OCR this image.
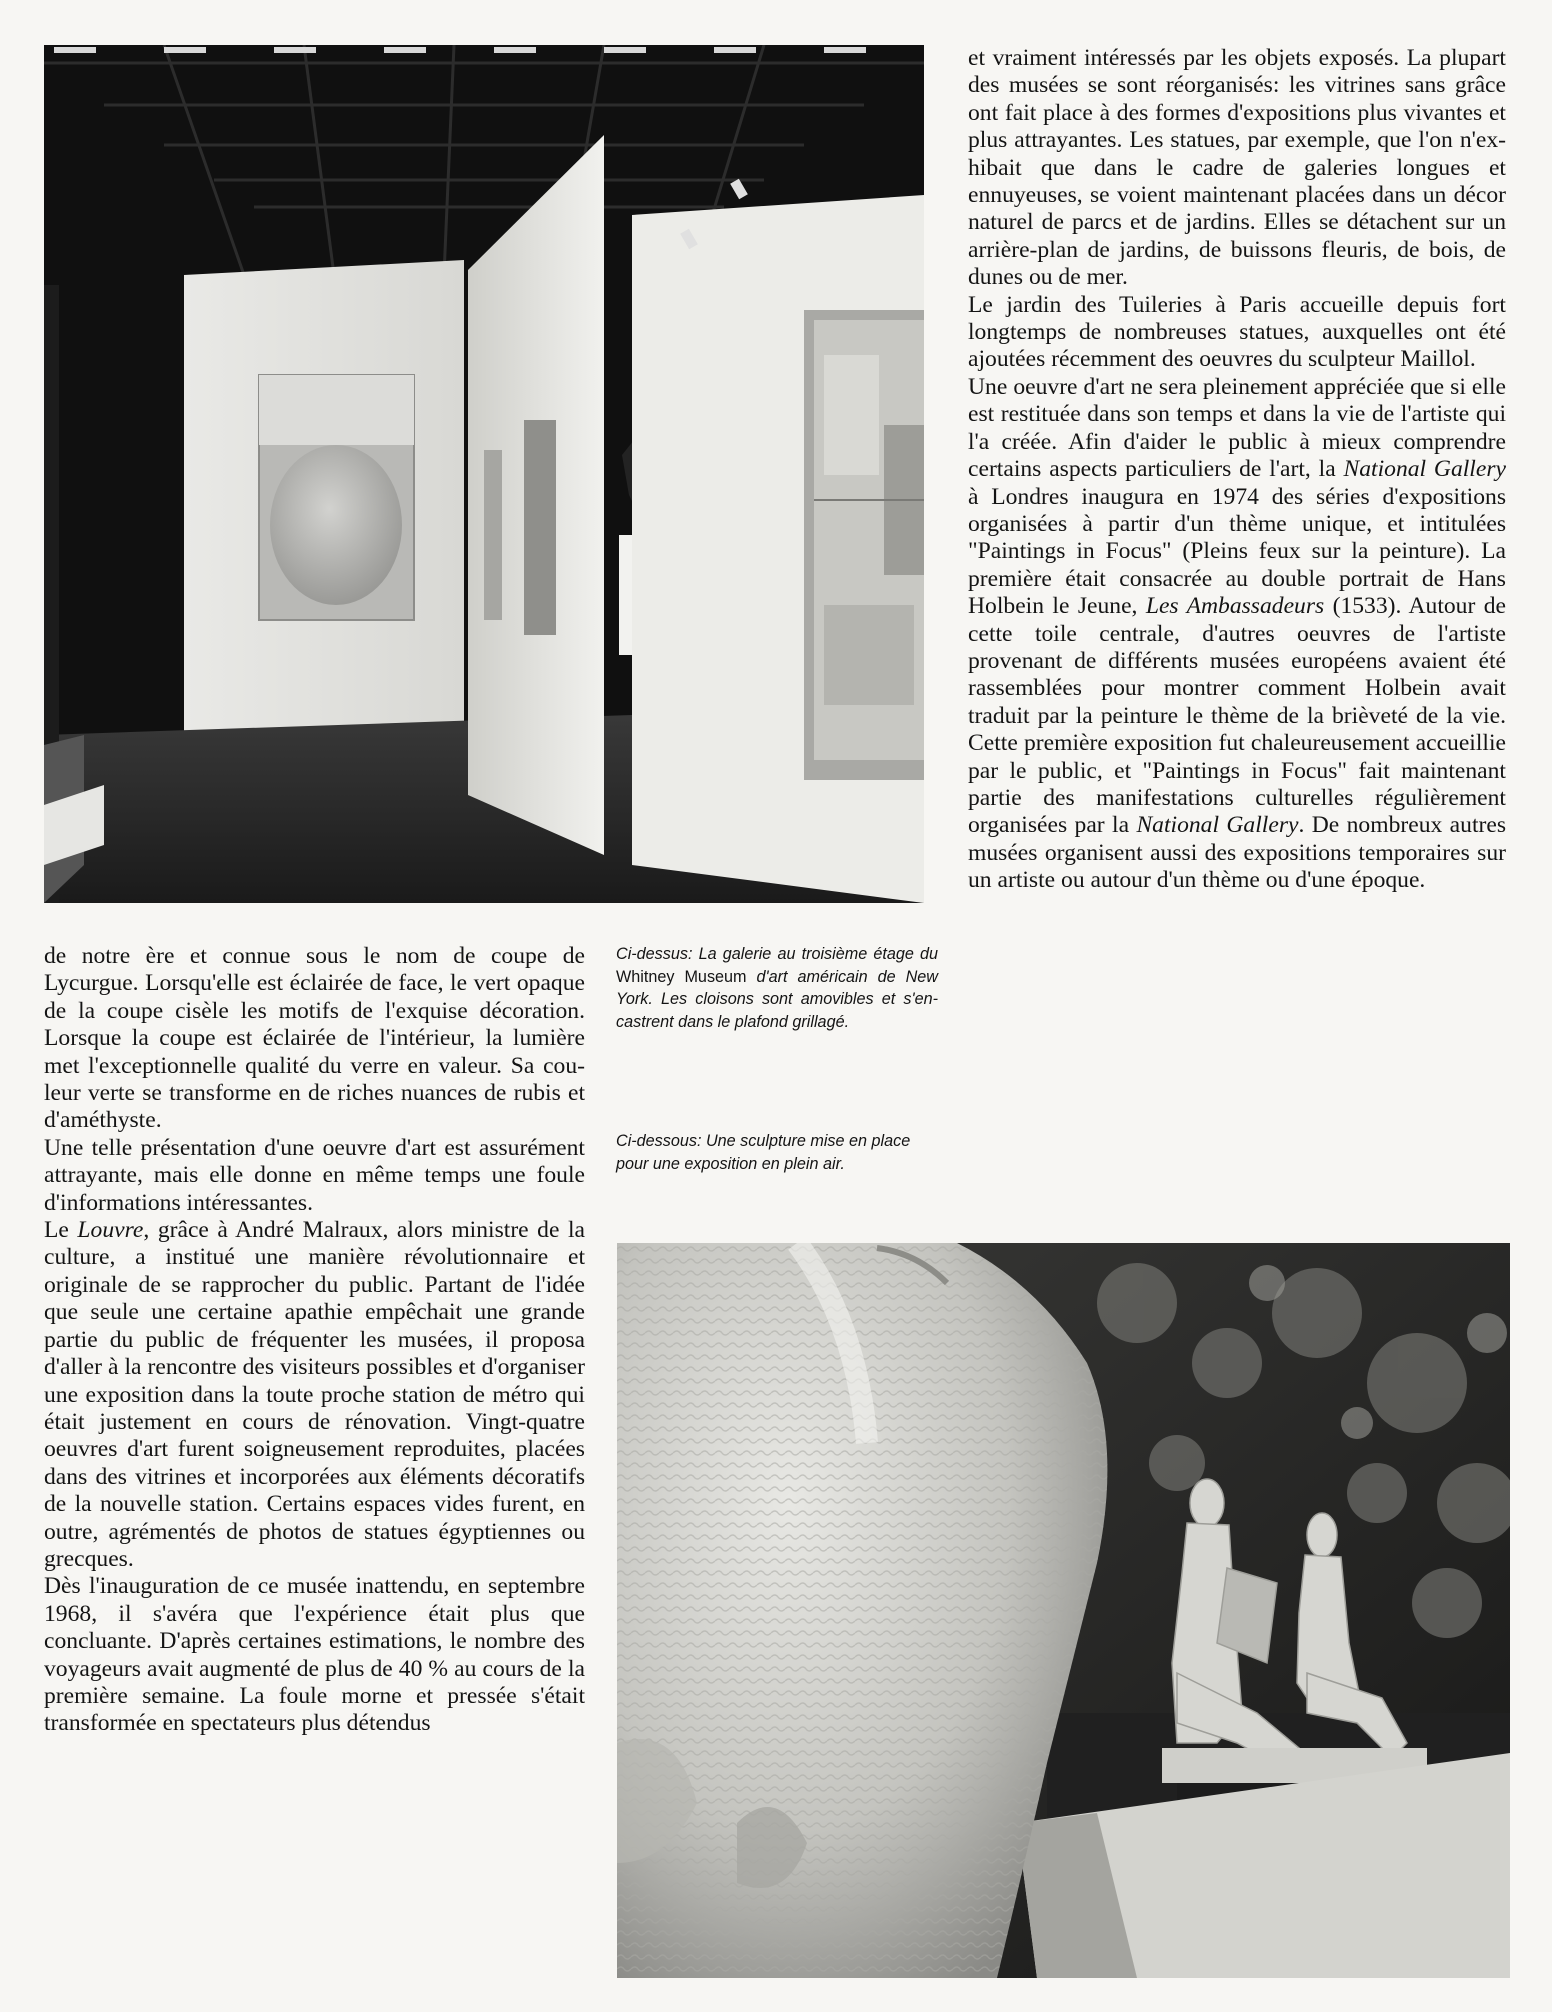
de notre ère et connue sous le nom de coupe de Lycurgue. Lorsqu'elle est éclairée de face, le vert opaque de la coupe cisèle les motifs de l'exquise décoration. Lorsque la coupe est éclairée de l'intérieur, la lumière met l'exceptionnelle qualité du verre en valeur. Sa couleur verte se transforme en de riches nuances de rubis et d'améthyste.

Une telle présentation d'une oeuvre d'art est assurément attrayante, mais elle donne en même temps une foule d'informations intéressantes.

Le Louvre, grâce à André Malraux, alors ministre de la culture, a institué une manière révolutionnaire et originale de se rapprocher du public. Partant de l'idée que seule une certaine apathie empêchait une grande partie du public de fréquenter les musées, il proposa d'aller à la rencontre des visiteurs possibles et d'organiser une exposition dans la toute proche station de métro qui était justement en cours de rénovation. Vingt-quatre oeuvres d'art furent soigneusement reproduites, placées dans des vitrines et incorporées aux éléments décoratifs de la nouvelle station. Certains espaces vides furent, en outre, agrémentés de photos de statues égyptiennes ou grecques.

Dès l'inauguration de ce musée inattendu, en septembre 1968, il s'avéra que l'expérience était plus que concluante. D'après certaines estimations, le nombre des voyageurs avait augmenté de plus de 40 % au cours de la première semaine. La foule morne et pressée s'était transformée en spectateurs plus détendus

Ci-dessus: La galerie au troisième étage du Whitney Museum d'art américain de New York. Les cloisons sont amovibles et s'encastrent dans le plafond grillagé.

Ci-dessous: Une sculpture mise en place pour une exposition en plein air.

et vraiment intéressés par les objets exposés. La plupart des musées se sont réorganisés: les vitrines sans grâce ont fait place à des formes d'expositions plus vivantes et plus attrayantes. Les statues, par exemple, que l'on n'exhibait que dans le cadre de galeries longues et ennuyeuses, se voient maintenant placées dans un décor naturel de parcs et de jardins. Elles se détachent sur un arrière-plan de jardins, de buissons fleuris, de bois, de dunes ou de mer.

Le jardin des Tuileries à Paris accueille depuis fort longtemps de nombreuses statues, auxquelles ont été ajoutées récemment des oeuvres du sculpteur Maillol.

Une oeuvre d'art ne sera pleinement appréciée que si elle est restituée dans son temps et dans la vie de l'artiste qui l'a créée. Afin d'aider le public à mieux comprendre certains aspects particuliers de l'art, la National Gallery à Londres inaugura en 1974 des séries d'expositions organisées à partir d'un thème unique, et intitulées "Paintings in Focus" (Pleins feux sur la peinture). La première était consacrée au double portrait de Hans Holbein le Jeune, Les Ambassadeurs (1533). Autour de cette toile centrale, d'autres oeuvres de l'artiste provenant de différents musées européens avaient été rassemblées pour montrer comment Holbein avait traduit par la peinture le thème de la brièveté de la vie. Cette première exposition fut chaleureusement accueillie par le public, et "Paintings in Focus" fait maintenant partie des manifestations culturelles régulièrement organisées par la National Gallery. De nombreux autres musées organisent aussi des expositions temporaires sur un artiste ou autour d'un thème ou d'une époque.
